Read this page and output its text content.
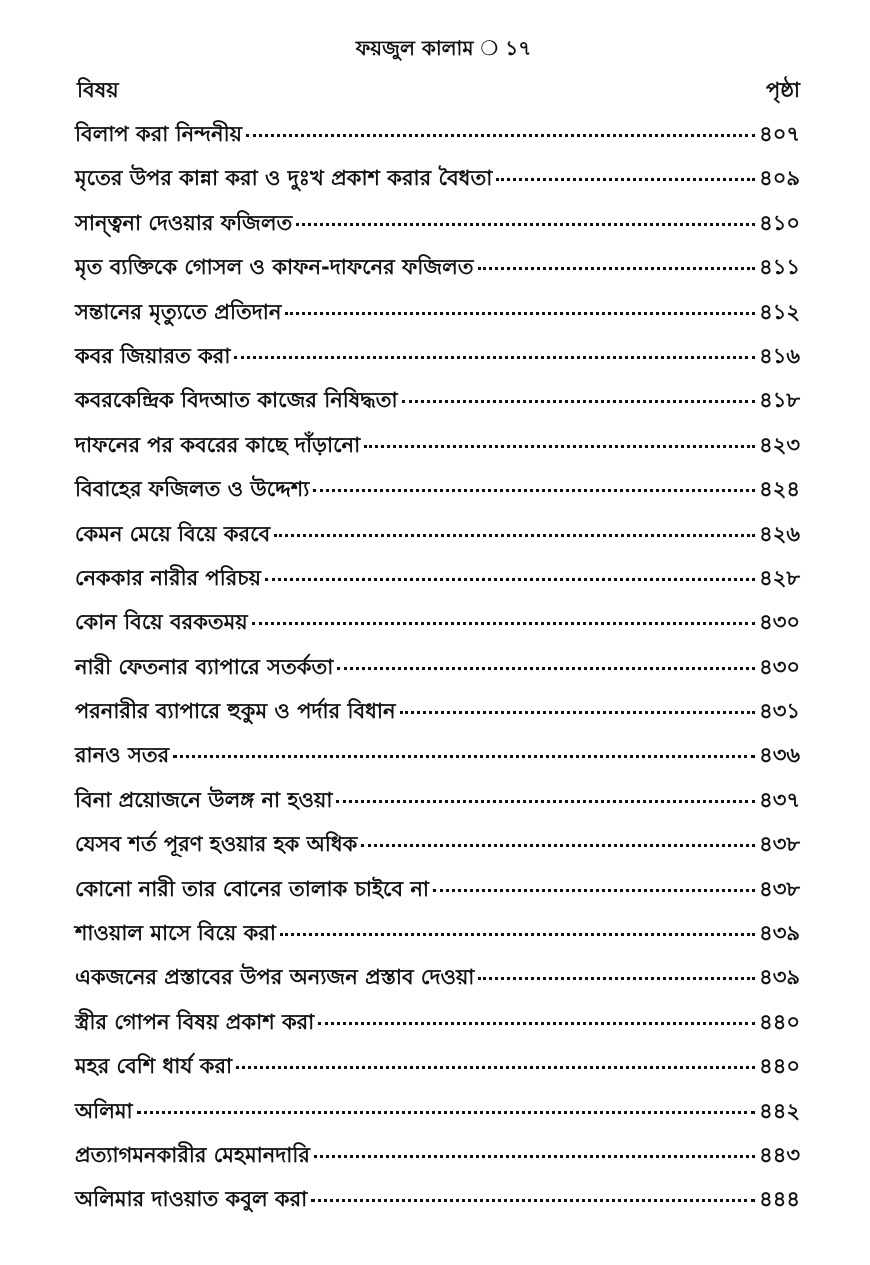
ফয়জুল কালাম ❍ ১৭
বিষয়	পৃষ্ঠা
বিলাপ করা নিন্দনীয়	৪০৭
মৃতের উপর কান্না করা ও দুঃখ প্রকাশ করার বৈধতা	৪০৯
সান্ত্বনা দেওয়ার ফজিলত	৪১০
মৃত ব্যক্তিকে গোসল ও কাফন-দাফনের ফজিলত	৪১১
সন্তানের মৃত্যুতে প্রতিদান	৪১২
কবর জিয়ারত করা	৪১৬
কবরকেন্দ্রিক বিদআত কাজের নিষিদ্ধতা	৪১৮
দাফনের পর কবরের কাছে দাঁড়ানো	৪২৩
বিবাহের ফজিলত ও উদ্দেশ্য	৪২৪
কেমন মেয়ে বিয়ে করবে	৪২৬
নেককার নারীর পরিচয়	৪২৮
কোন বিয়ে বরকতময়	৪৩০
নারী ফেতনার ব্যাপারে সতর্কতা	৪৩০
পরনারীর ব্যাপারে হুকুম ও পর্দার বিধান	৪৩১
রানও সতর	৪৩৬
বিনা প্রয়োজনে উলঙ্গ না হওয়া	৪৩৭
যেসব শর্ত পূরণ হওয়ার হক অধিক	৪৩৮
কোনো নারী তার বোনের তালাক চাইবে না	৪৩৮
শাওয়াল মাসে বিয়ে করা	৪৩৯
একজনের প্রস্তাবের উপর অন্যজন প্রস্তাব দেওয়া	৪৩৯
স্ত্রীর গোপন বিষয় প্রকাশ করা	৪৪০
মহর বেশি ধার্য করা	৪৪০
অলিমা	৪৪২
প্রত্যাগমনকারীর মেহমানদারি	৪৪৩
অলিমার দাওয়াত কবুল করা	৪৪৪
